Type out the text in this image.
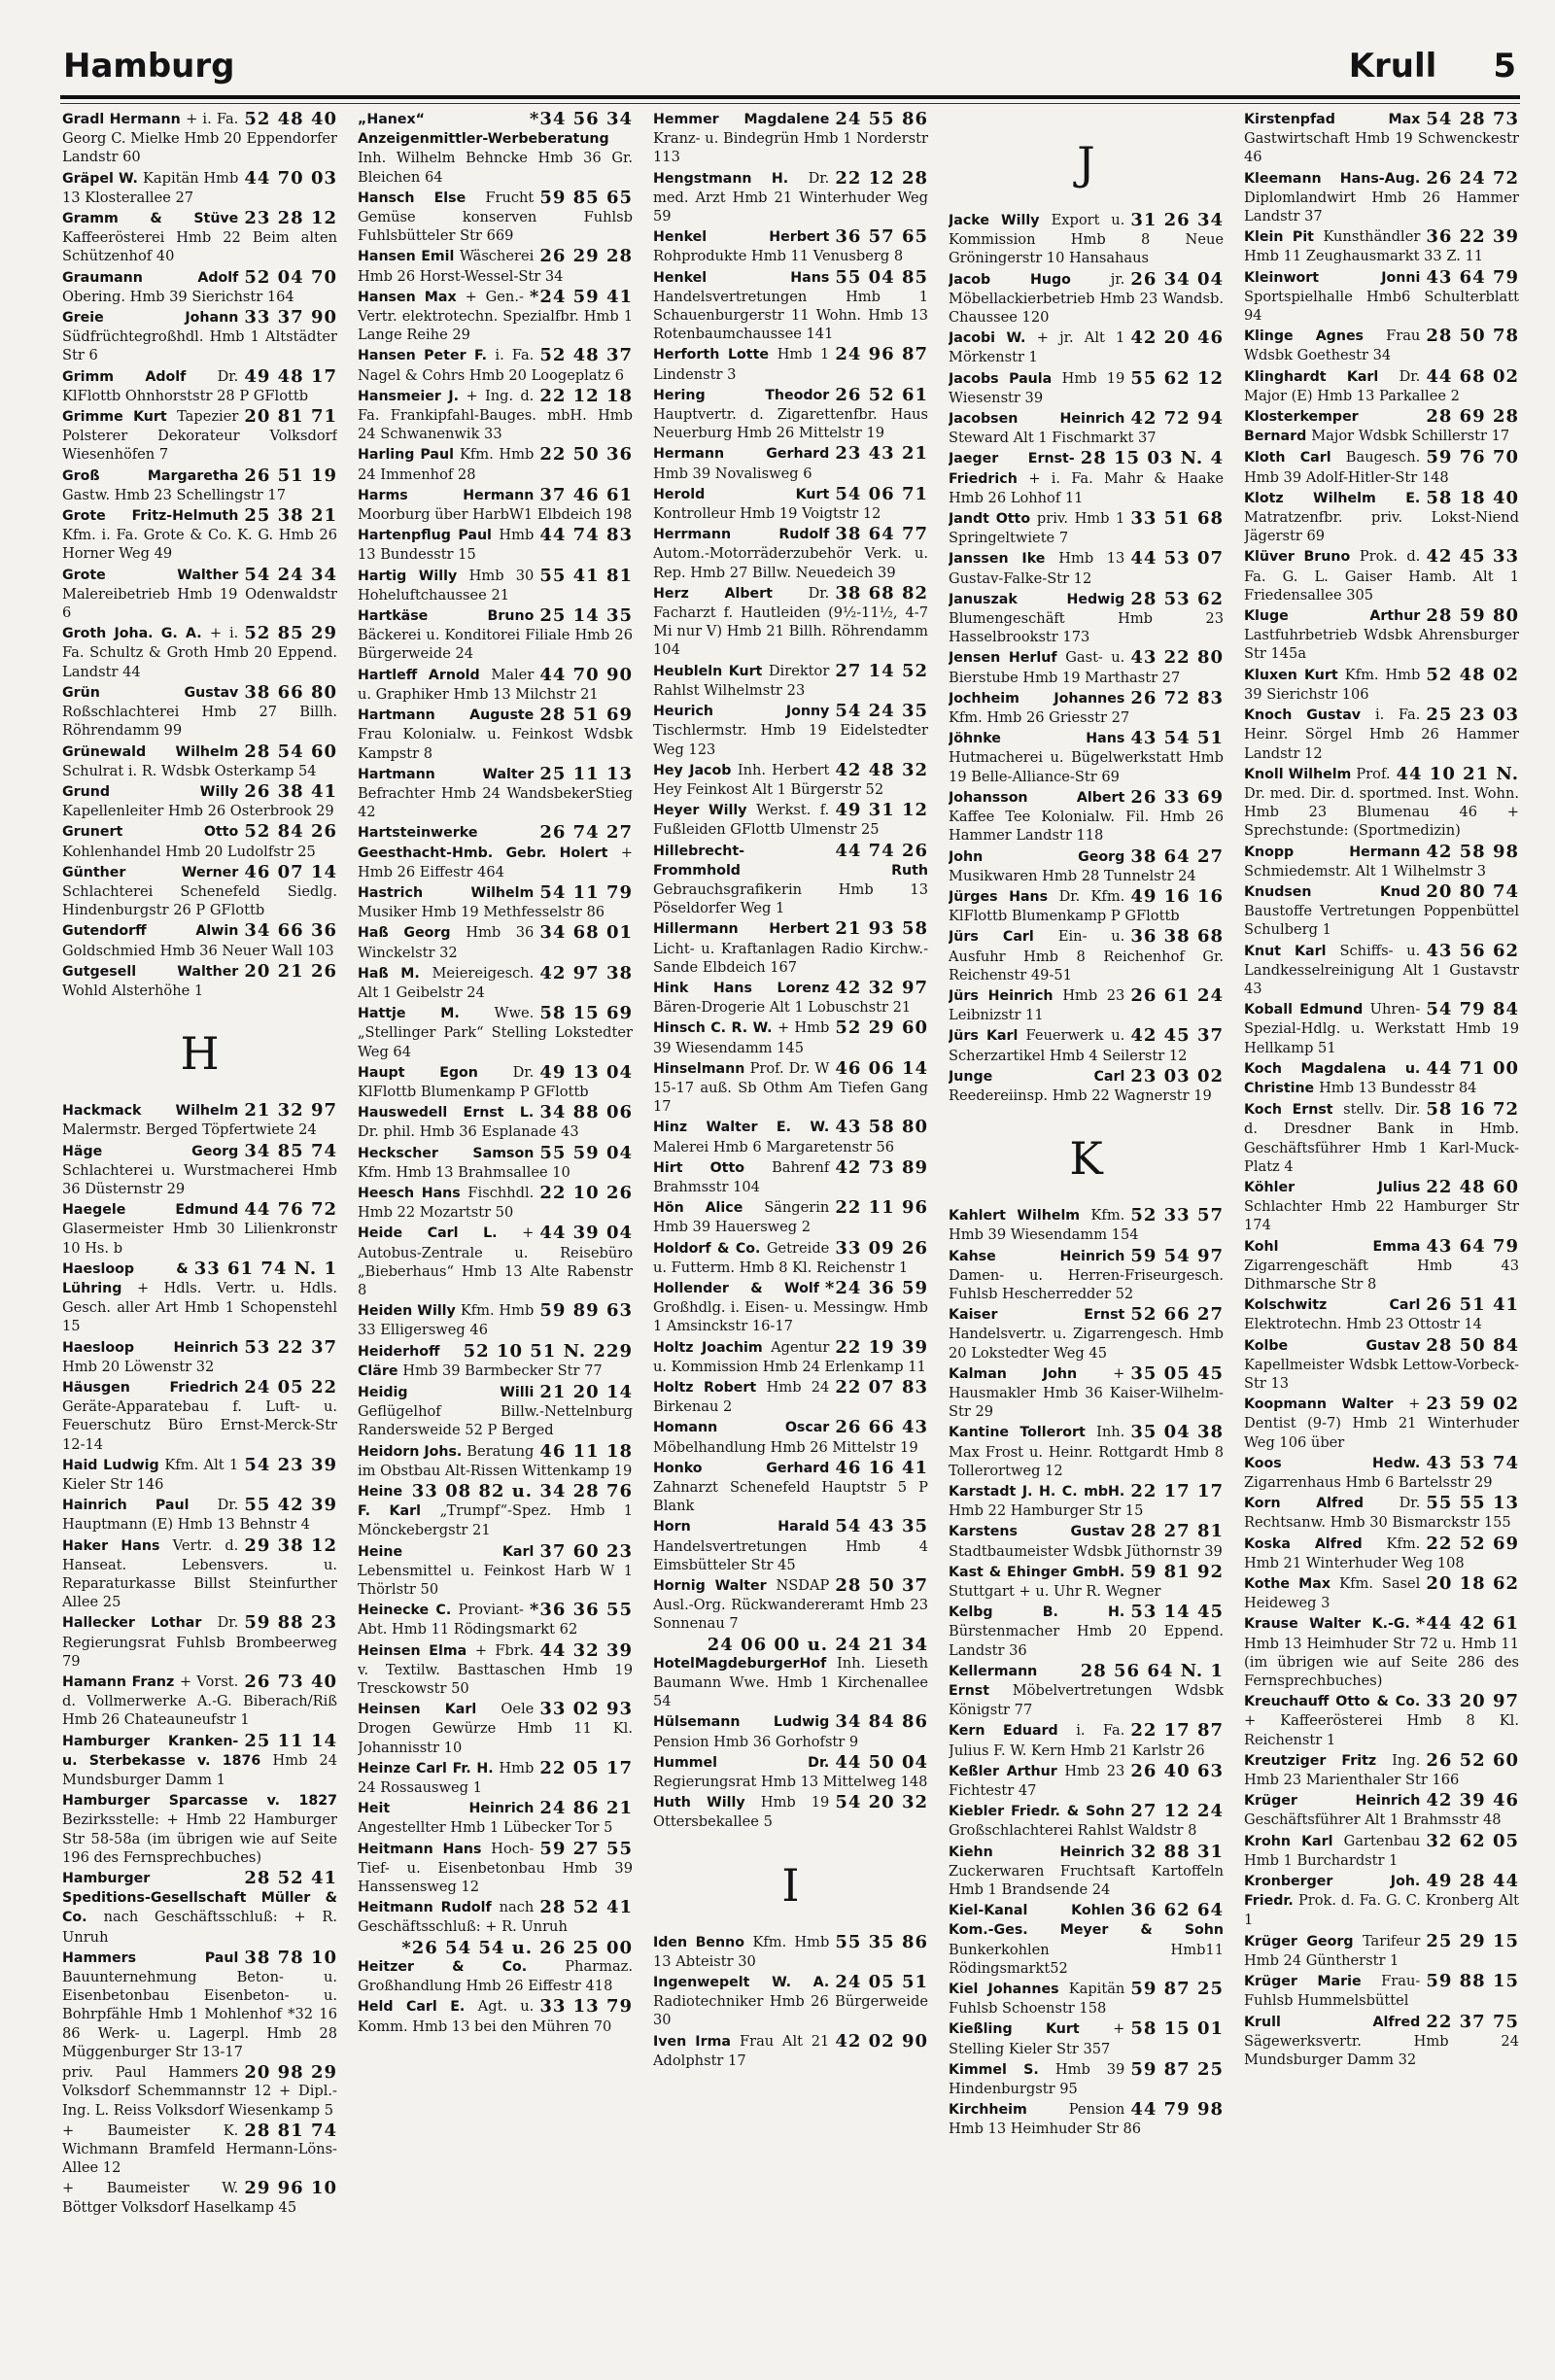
Hamburg	Krull 5
52 48 40
Gradl Hermann + i. Fa. Georg C. Mielke Hmb 20 Eppendorfer Landstr 60
44 70 03
Gräpel W. Kapitän Hmb 13 Klosterallee 27
23 28 12
Gramm & Stüve Kaffeerösterei Hmb 22 Beim alten Schützenhof 40
52 04 70
Graumann Adolf Obering. Hmb 39 Sierichstr 164
33 37 90
Greie Johann Südfrüchtegroßhdl. Hmb 1 Altstädter Str 6
49 48 17
Grimm Adolf Dr. KlFlottb Ohnhorststr 28 P GFlottb
20 81 71
Grimme Kurt Tapezier Polsterer Dekorateur Volksdorf Wiesenhöfen 7
26 51 19
Groß Margaretha Gastw. Hmb 23 Schellingstr 17
25 38 21
Grote Fritz-Helmuth Kfm. i. Fa. Grote & Co. K. G. Hmb 26 Horner Weg 49
54 24 34
Grote Walther Malereibetrieb Hmb 19 Odenwaldstr 6
52 85 29
Groth Joha. G. A. + i. Fa. Schultz & Groth Hmb 20 Eppend. Landstr 44
38 66 80
Grün Gustav Roßschlachterei Hmb 27 Billh. Röhrendamm 99
28 54 60
Grünewald Wilhelm Schulrat i. R. Wdsbk Osterkamp 54
26 38 41
Grund Willy Kapellenleiter Hmb 26 Osterbrook 29
52 84 26
Grunert Otto Kohlenhandel Hmb 20 Ludolfstr 25
46 07 14
Günther Werner Schlachterei Schenefeld Siedlg. Hindenburgstr 26 P GFlottb
34 66 36
Gutendorff Alwin Goldschmied Hmb 36 Neuer Wall 103
20 21 26
Gutgesell Walther Wohld Alsterhöhe 1
H
21 32 97
Hackmack Wilhelm Malermstr. Berged Töpfertwiete 24
34 85 74
Häge Georg Schlachterei u. Wurstmacherei Hmb 36 Düsternstr 29
44 76 72
Haegele Edmund Glasermeister Hmb 30 Lilienkronstr 10 Hs. b
33 61 74 N. 1
Haesloop & Lühring + Hdls. Vertr. u. Hdls. Gesch. aller Art Hmb 1 Schopenstehl 15
53 22 37
Haesloop Heinrich Hmb 20 Löwenstr 32
24 05 22
Häusgen Friedrich Geräte-Apparatebau f. Luft- u. Feuerschutz Büro Ernst-Merck-Str 12-14
54 23 39
Haid Ludwig Kfm. Alt 1 Kieler Str 146
55 42 39
Hainrich Paul Dr. Hauptmann (E) Hmb 13 Behnstr 4
29 38 12
Haker Hans Vertr. d. Hanseat. Lebensvers. u. Reparaturkasse Billst Steinfurther Allee 25
59 88 23
Hallecker Lothar Dr. Regierungsrat Fuhlsb Brombeerweg 79
26 73 40
Hamann Franz + Vorst. d. Vollmerwerke A.-G. Biberach/Riß Hmb 26 Chateauneufstr 1
25 11 14
Hamburger Kranken- u. Sterbekasse v. 1876 Hmb 24 Mundsburger Damm 1
Hamburger Sparcasse v. 1827 Bezirksstelle: + Hmb 22 Hamburger Str 58-58a (im übrigen wie auf Seite 196 des Fernsprechbuches)
28 52 41
Hamburger Speditions-Gesellschaft Müller & Co. nach Geschäftsschluß: + R. Unruh
38 78 10
Hammers Paul Bauunternehmung Beton- u. Eisenbetonbau Eisenbeton- u. Bohrpfähle Hmb 1 Mohlenhof *32 16 86 Werk- u. Lagerpl. Hmb 28 Müggenburger Str 13-17
20 98 29
priv. Paul Hammers Volksdorf Schemmannstr 12 + Dipl.-Ing. L. Reiss Volksdorf Wiesenkamp 5
28 81 74
+ Baumeister K. Wichmann Bramfeld Hermann-Löns-Allee 12
29 96 10
+ Baumeister W. Böttger Volksdorf Haselkamp 45
*34 56 34
„Hanex“ Anzeigenmittler-Werbeberatung Inh. Wilhelm Behncke Hmb 36 Gr. Bleichen 64
59 85 65
Hansch Else Frucht Gemüse konserven Fuhlsb Fuhlsbütteler Str 669
26 29 28
Hansen Emil Wäscherei Hmb 26 Horst-Wessel-Str 34
*24 59 41
Hansen Max + Gen.-Vertr. elektrotechn. Spezialfbr. Hmb 1 Lange Reihe 29
52 48 37
Hansen Peter F. i. Fa. Nagel & Cohrs Hmb 20 Loogeplatz 6
22 12 18
Hansmeier J. + Ing. d. Fa. Frankipfahl-Bauges. mbH. Hmb 24 Schwanenwik 33
22 50 36
Harling Paul Kfm. Hmb 24 Immenhof 28
37 46 61
Harms Hermann Moorburg über HarbW1 Elbdeich 198
44 74 83
Hartenpflug Paul Hmb 13 Bundesstr 15
55 41 81
Hartig Willy Hmb 30 Hoheluftchaussee 21
25 14 35
Hartkäse Bruno Bäckerei u. Konditorei Filiale Hmb 26 Bürgerweide 24
44 70 90
Hartleff Arnold Maler u. Graphiker Hmb 13 Milchstr 21
28 51 69
Hartmann Auguste Frau Kolonialw. u. Feinkost Wdsbk Kampstr 8
25 11 13
Hartmann Walter Befrachter Hmb 24 WandsbekerStieg 42
26 74 27
Hartsteinwerke Geesthacht-Hmb. Gebr. Holert + Hmb 26 Eiffestr 464
54 11 79
Hastrich Wilhelm Musiker Hmb 19 Methfesselstr 86
34 68 01
Haß Georg Hmb 36 Winckelstr 32
42 97 38
Haß M. Meiereigesch. Alt 1 Geibelstr 24
58 15 69
Hattje M. Wwe. „Stellinger Park“ Stelling Lokstedter Weg 64
49 13 04
Haupt Egon Dr. KlFlottb Blumenkamp P GFlottb
34 88 06
Hauswedell Ernst L. Dr. phil. Hmb 36 Esplanade 43
55 59 04
Heckscher Samson Kfm. Hmb 13 Brahmsallee 10
22 10 26
Heesch Hans Fischhdl. Hmb 22 Mozartstr 50
44 39 04
Heide Carl L. + Autobus-Zentrale u. Reisebüro „Bieberhaus“ Hmb 13 Alte Rabenstr 8
59 89 63
Heiden Willy Kfm. Hmb 33 Elligersweg 46
52 10 51 N. 229
Heiderhoff Cläre Hmb 39 Barmbecker Str 77
21 20 14
Heidig Willi Geflügelhof Billw.-Nettelnburg Randersweide 52 P Berged
46 11 18
Heidorn Johs. Beratung im Obstbau Alt-Rissen Wittenkamp 19
33 08 82 u. 34 28 76
Heine F. Karl „Trumpf“-Spez. Hmb 1 Mönckebergstr 21
37 60 23
Heine Karl Lebensmittel u. Feinkost Harb W 1 Thörlstr 50
*36 36 55
Heinecke C. Proviant-Abt. Hmb 11 Rödingsmarkt 62
44 32 39
Heinsen Elma + Fbrk. v. Textilw. Basttaschen Hmb 19 Tresckowstr 50
33 02 93
Heinsen Karl Oele Drogen Gewürze Hmb 11 Kl. Johannisstr 10
22 05 17
Heinze Carl Fr. H. Hmb 24 Rossausweg 1
24 86 21
Heit Heinrich Angestellter Hmb 1 Lübecker Tor 5
59 27 55
Heitmann Hans Hoch- Tief- u. Eisenbetonbau Hmb 39 Hanssensweg 12
28 52 41
Heitmann Rudolf nach Geschäftsschluß: + R. Unruh
*26 54 54 u. 26 25 00
Heitzer & Co. Pharmaz. Großhandlung Hmb 26 Eiffestr 418
33 13 79
Held Carl E. Agt. u. Komm. Hmb 13 bei den Mühren 70
24 55 86
Hemmer Magdalene Kranz- u. Bindegrün Hmb 1 Norderstr 113
22 12 28
Hengstmann H. Dr. med. Arzt Hmb 21 Winterhuder Weg 59
36 57 65
Henkel Herbert Rohprodukte Hmb 11 Venusberg 8
55 04 85
Henkel Hans Handelsvertretungen Hmb 1 Schauenburgerstr 11 Wohn. Hmb 13 Rotenbaumchaussee 141
24 96 87
Herforth Lotte Hmb 1 Lindenstr 3
26 52 61
Hering Theodor Hauptvertr. d. Zigarettenfbr. Haus Neuerburg Hmb 26 Mittelstr 19
23 43 21
Hermann Gerhard Hmb 39 Novalisweg 6
54 06 71
Herold Kurt Kontrolleur Hmb 19 Voigtstr 12
38 64 77
Herrmann Rudolf Autom.-Motorräderzubehör Verk. u. Rep. Hmb 27 Billw. Neuedeich 39
38 68 82
Herz Albert Dr. Facharzt f. Hautleiden (9½-11½, 4-7 Mi nur V) Hmb 21 Billh. Röhrendamm 104
27 14 52
Heubleln Kurt Direktor Rahlst Wilhelmstr 23
54 24 35
Heurich Jonny Tischlermstr. Hmb 19 Eidelstedter Weg 123
42 48 32
Hey Jacob Inh. Herbert Hey Feinkost Alt 1 Bürgerstr 52
49 31 12
Heyer Willy Werkst. f. Fußleiden GFlottb Ulmenstr 25
44 74 26
Hillebrecht-Frommhold Ruth Gebrauchsgrafikerin Hmb 13 Pöseldorfer Weg 1
21 93 58
Hillermann Herbert Licht- u. Kraftanlagen Radio Kirchw.-Sande Elbdeich 167
42 32 97
Hink Hans Lorenz Bären-Drogerie Alt 1 Lobuschstr 21
52 29 60
Hinsch C. R. W. + Hmb 39 Wiesendamm 145
46 06 14
Hinselmann Prof. Dr. W 15-17 auß. Sb Othm Am Tiefen Gang 17
43 58 80
Hinz Walter E. W. Malerei Hmb 6 Margaretenstr 56
42 73 89
Hirt Otto Bahrenf Brahmsstr 104
22 11 96
Hön Alice Sängerin Hmb 39 Hauersweg 2
33 09 26
Holdorf & Co. Getreide u. Futterm. Hmb 8 Kl. Reichenstr 1
*24 36 59
Hollender & Wolf Großhdlg. i. Eisen- u. Messingw. Hmb 1 Amsinckstr 16-17
22 19 39
Holtz Joachim Agentur u. Kommission Hmb 24 Erlenkamp 11
22 07 83
Holtz Robert Hmb 24 Birkenau 2
26 66 43
Homann Oscar Möbelhandlung Hmb 26 Mittelstr 19
46 16 41
Honko Gerhard Zahnarzt Schenefeld Hauptstr 5 P Blank
54 43 35
Horn Harald Handelsvertretungen Hmb 4 Eimsbütteler Str 45
28 50 37
Hornig Walter NSDAP Ausl.-Org. Rückwandereramt Hmb 23 Sonnenau 7
24 06 00 u. 24 21 34
HotelMagdeburgerHof Inh. Lieseth Baumann Wwe. Hmb 1 Kirchenallee 54
34 84 86
Hülsemann Ludwig Pension Hmb 36 Gorhofstr 9
44 50 04
Hummel Dr. Regierungsrat Hmb 13 Mittelweg 148
54 20 32
Huth Willy Hmb 19 Ottersbekallee 5
I
55 35 86
Iden Benno Kfm. Hmb 13 Abteistr 30
24 05 51
Ingenwepelt W. A. Radiotechniker Hmb 26 Bürgerweide 30
42 02 90
Iven Irma Frau Alt 21 Adolphstr 17
J
31 26 34
Jacke Willy Export u. Kommission Hmb 8 Neue Gröningerstr 10 Hansahaus
26 34 04
Jacob Hugo jr. Möbellackierbetrieb Hmb 23 Wandsb. Chaussee 120
42 20 46
Jacobi W. + jr. Alt 1 Mörkenstr 1
55 62 12
Jacobs Paula Hmb 19 Wiesenstr 39
42 72 94
Jacobsen Heinrich Steward Alt 1 Fischmarkt 37
28 15 03 N. 4
Jaeger Ernst-Friedrich + i. Fa. Mahr & Haake Hmb 26 Lohhof 11
33 51 68
Jandt Otto priv. Hmb 1 Springeltwiete 7
44 53 07
Janssen Ike Hmb 13 Gustav-Falke-Str 12
28 53 62
Januszak Hedwig Blumengeschäft Hmb 23 Hasselbrookstr 173
43 22 80
Jensen Herluf Gast- u. Bierstube Hmb 19 Marthastr 27
26 72 83
Jochheim Johannes Kfm. Hmb 26 Griesstr 27
43 54 51
Jöhnke Hans Hutmacherei u. Bügelwerkstatt Hmb 19 Belle-Alliance-Str 69
26 33 69
Johansson Albert Kaffee Tee Kolonialw. Fil. Hmb 26 Hammer Landstr 118
38 64 27
John Georg Musikwaren Hmb 28 Tunnelstr 24
49 16 16
Jürges Hans Dr. Kfm. KlFlottb Blumenkamp P GFlottb
36 38 68
Jürs Carl Ein- u. Ausfuhr Hmb 8 Reichenhof Gr. Reichenstr 49-51
26 61 24
Jürs Heinrich Hmb 23 Leibnizstr 11
42 45 37
Jürs Karl Feuerwerk u. Scherzartikel Hmb 4 Seilerstr 12
23 03 02
Junge Carl Reedereiinsp. Hmb 22 Wagnerstr 19
K
52 33 57
Kahlert Wilhelm Kfm. Hmb 39 Wiesendamm 154
59 54 97
Kahse Heinrich Damen- u. Herren-Friseurgesch. Fuhlsb Hescherredder 52
52 66 27
Kaiser Ernst Handelsvertr. u. Zigarrengesch. Hmb 20 Lokstedter Weg 45
35 05 45
Kalman John + Hausmakler Hmb 36 Kaiser-Wilhelm-Str 29
35 04 38
Kantine Tollerort Inh. Max Frost u. Heinr. Rottgardt Hmb 8 Tollerortweg 12
22 17 17
Karstadt J. H. C. mbH. Hmb 22 Hamburger Str 15
28 27 81
Karstens Gustav Stadtbaumeister Wdsbk Jüthornstr 39
59 81 92
Kast & Ehinger GmbH. Stuttgart + u. Uhr R. Wegner
53 14 45
Kelbg B. H. Bürstenmacher Hmb 20 Eppend. Landstr 36
28 56 64 N. 1
Kellermann Ernst Möbelvertretungen Wdsbk Königstr 77
22 17 87
Kern Eduard i. Fa. Julius F. W. Kern Hmb 21 Karlstr 26
26 40 63
Keßler Arthur Hmb 23 Fichtestr 47
27 12 24
Kiebler Friedr. & Sohn Großschlachterei Rahlst Waldstr 8
32 88 31
Kiehn Heinrich Zuckerwaren Fruchtsaft Kartoffeln Hmb 1 Brandsende 24
36 62 64
Kiel-Kanal Kohlen Kom.-Ges. Meyer & Sohn Bunkerkohlen Hmb11 Rödingsmarkt52
59 87 25
Kiel Johannes Kapitän Fuhlsb Schoenstr 158
58 15 01
Kießling Kurt + Stelling Kieler Str 357
59 87 25
Kimmel S. Hmb 39 Hindenburgstr 95
44 79 98
Kirchheim Pension Hmb 13 Heimhuder Str 86
54 28 73
Kirstenpfad Max Gastwirtschaft Hmb 19 Schwenckestr 46
26 24 72
Kleemann Hans-Aug. Diplomlandwirt Hmb 26 Hammer Landstr 37
36 22 39
Klein Pit Kunsthändler Hmb 11 Zeughausmarkt 33 Z. 11
43 64 79
Kleinwort Jonni Sportspielhalle Hmb6 Schulterblatt 94
28 50 78
Klinge Agnes Frau Wdsbk Goethestr 34
44 68 02
Klinghardt Karl Dr. Major (E) Hmb 13 Parkallee 2
28 69 28
Klosterkemper Bernard Major Wdsbk Schillerstr 17
59 76 70
Kloth Carl Baugesch. Hmb 39 Adolf-Hitler-Str 148
58 18 40
Klotz Wilhelm E. Matratzenfbr. priv. Lokst-Niend Jägerstr 69
42 45 33
Klüver Bruno Prok. d. Fa. G. L. Gaiser Hamb. Alt 1 Friedensallee 305
28 59 80
Kluge Arthur Lastfuhrbetrieb Wdsbk Ahrensburger Str 145a
52 48 02
Kluxen Kurt Kfm. Hmb 39 Sierichstr 106
25 23 03
Knoch Gustav i. Fa. Heinr. Sörgel Hmb 26 Hammer Landstr 12
44 10 21 N.
Knoll Wilhelm Prof. Dr. med. Dir. d. sportmed. Inst. Wohn. Hmb 23 Blumenau 46 + Sprechstunde: (Sportmedizin)
42 58 98
Knopp Hermann Schmiedemstr. Alt 1 Wilhelmstr 3
20 80 74
Knudsen Knud Baustoffe Vertretungen Poppenbüttel Schulberg 1
43 56 62
Knut Karl Schiffs- u. Landkesselreinigung Alt 1 Gustavstr 43
54 79 84
Koball Edmund Uhren-Spezial-Hdlg. u. Werkstatt Hmb 19 Hellkamp 51
44 71 00
Koch Magdalena u. Christine Hmb 13 Bundesstr 84
58 16 72
Koch Ernst stellv. Dir. d. Dresdner Bank in Hmb. Geschäftsführer Hmb 1 Karl-Muck-Platz 4
22 48 60
Köhler Julius Schlachter Hmb 22 Hamburger Str 174
43 64 79
Kohl Emma Zigarrengeschäft Hmb 43 Dithmarsche Str 8
26 51 41
Kolschwitz Carl Elektrotechn. Hmb 23 Ottostr 14
28 50 84
Kolbe Gustav Kapellmeister Wdsbk Lettow-Vorbeck-Str 13
23 59 02
Koopmann Walter + Dentist (9-7) Hmb 21 Winterhuder Weg 106 über
43 53 74
Koos Hedw. Zigarrenhaus Hmb 6 Bartelsstr 29
55 55 13
Korn Alfred Dr. Rechtsanw. Hmb 30 Bismarckstr 155
22 52 69
Koska Alfred Kfm. Hmb 21 Winterhuder Weg 108
20 18 62
Kothe Max Kfm. Sasel Heideweg 3
*44 42 61
Krause Walter K.-G. Hmb 13 Heimhuder Str 72 u. Hmb 11 (im übrigen wie auf Seite 286 des Fernsprechbuches)
33 20 97
Kreuchauff Otto & Co. + Kaffeerösterei Hmb 8 Kl. Reichenstr 1
26 52 60
Kreutziger Fritz Ing. Hmb 23 Marienthaler Str 166
42 39 46
Krüger Heinrich Geschäftsführer Alt 1 Brahmsstr 48
32 62 05
Krohn Karl Gartenbau Hmb 1 Burchardstr 1
49 28 44
Kronberger Joh. Friedr. Prok. d. Fa. G. C. Kronberg Alt 1
25 29 15
Krüger Georg Tarifeur Hmb 24 Güntherstr 1
59 88 15
Krüger Marie Frau-Fuhlsb Hummelsbüttel
22 37 75
Krull Alfred Sägewerksvertr. Hmb 24 Mundsburger Damm 32
